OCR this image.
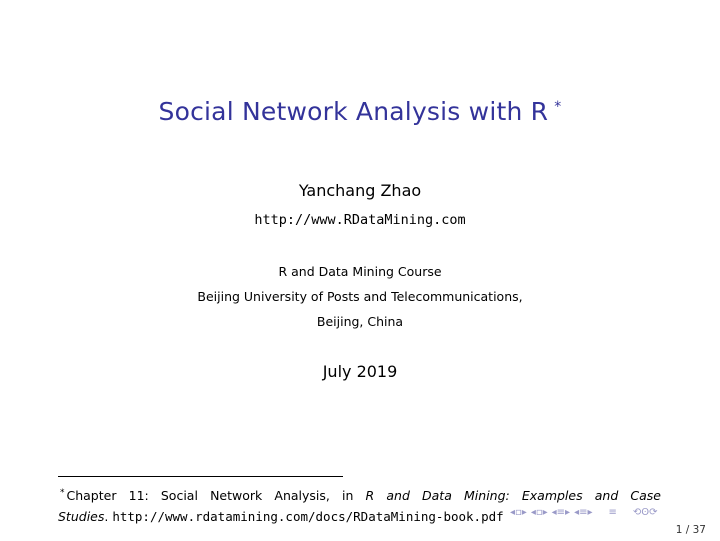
Social Network Analysis with R *
Yanchang Zhao
http://www.RDataMining.com
R and Data Mining Course
Beijing University of Posts and Telecommunications,
Beijing, China
July 2019
* Chapter 11: Social Network Analysis, in R and Data Mining: Examples and Case
Studies. http://www.rdatamining.com/docs/RDataMining-book.pdf ◂▫▸ ◂▫▸ ◂≡▸ ◂≡▸ ≡ ⟲ʘ⟳
1 / 37
